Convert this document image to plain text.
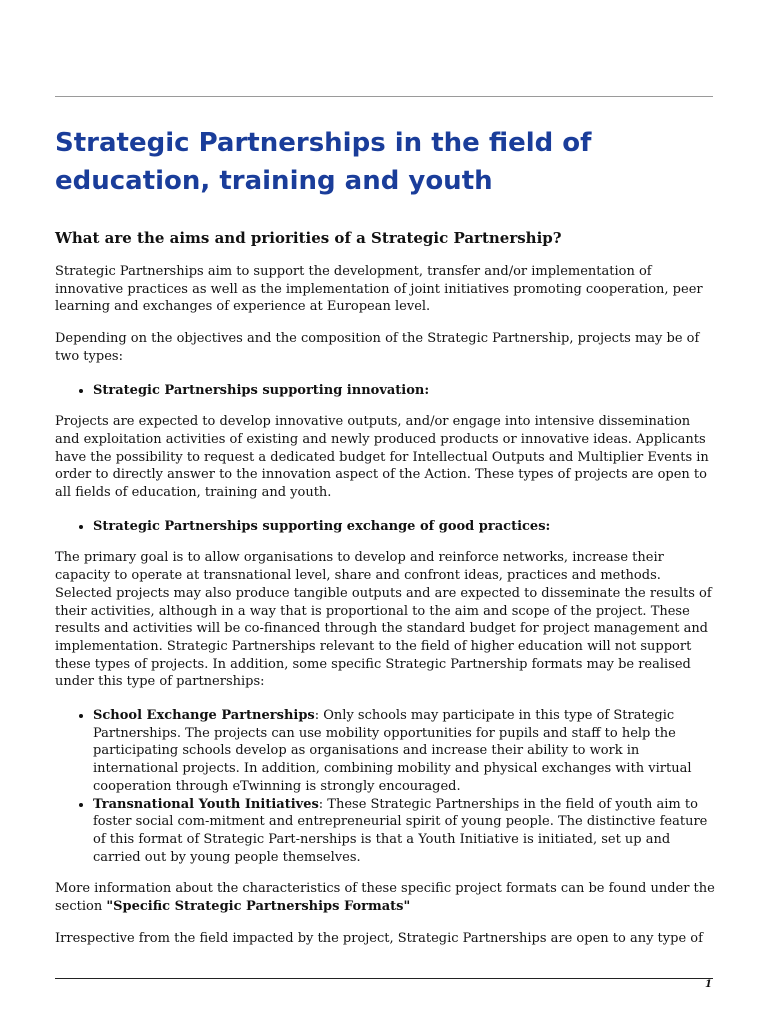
Strategic Partnerships in the field of education, training and youth
What are the aims and priorities of a Strategic Partnership?

Strategic Partnerships aim to support the development, transfer and/or implementation of innovative practices as well as the implementation of joint initiatives promoting cooperation, peer learning and exchanges of experience at European level.

Depending on the objectives and the composition of the Strategic Partnership, projects may be of two types:

• Strategic Partnerships supporting innovation:

Projects are expected to develop innovative outputs, and/or engage into intensive dissemination and exploitation activities of existing and newly produced products or innovative ideas. Applicants have the possibility to request a dedicated budget for Intellectual Outputs and Multiplier Events in order to directly answer to the innovation aspect of the Action. These types of projects are open to all fields of education, training and youth.

• Strategic Partnerships supporting exchange of good practices:

The primary goal is to allow organisations to develop and reinforce networks, increase their capacity to operate at transnational level, share and confront ideas, practices and methods. Selected projects may also produce tangible outputs and are expected to disseminate the results of their activities, although in a way that is proportional to the aim and scope of the project. These results and activities will be co-financed through the standard budget for project management and implementation. Strategic Partnerships relevant to the field of higher education will not support these types of projects. In addition, some specific Strategic Partnership formats may be realised under this type of partnerships:

• School Exchange Partnerships: Only schools may participate in this type of Strategic Partnerships. The projects can use mobility opportunities for pupils and staff to help the participating schools develop as organisations and increase their ability to work in international projects. In addition, combining mobility and physical exchanges with virtual cooperation through eTwinning is strongly encouraged.
• Transnational Youth Initiatives: These Strategic Partnerships in the field of youth aim to foster social com-mitment and entrepreneurial spirit of young people. The distinctive feature of this format of Strategic Part-nerships is that a Youth Initiative is initiated, set up and carried out by young people themselves.

More information about the characteristics of these specific project formats can be found under the section "Specific Strategic Partnerships Formats"

Irrespective from the field impacted by the project, Strategic Partnerships are open to any type of

1
